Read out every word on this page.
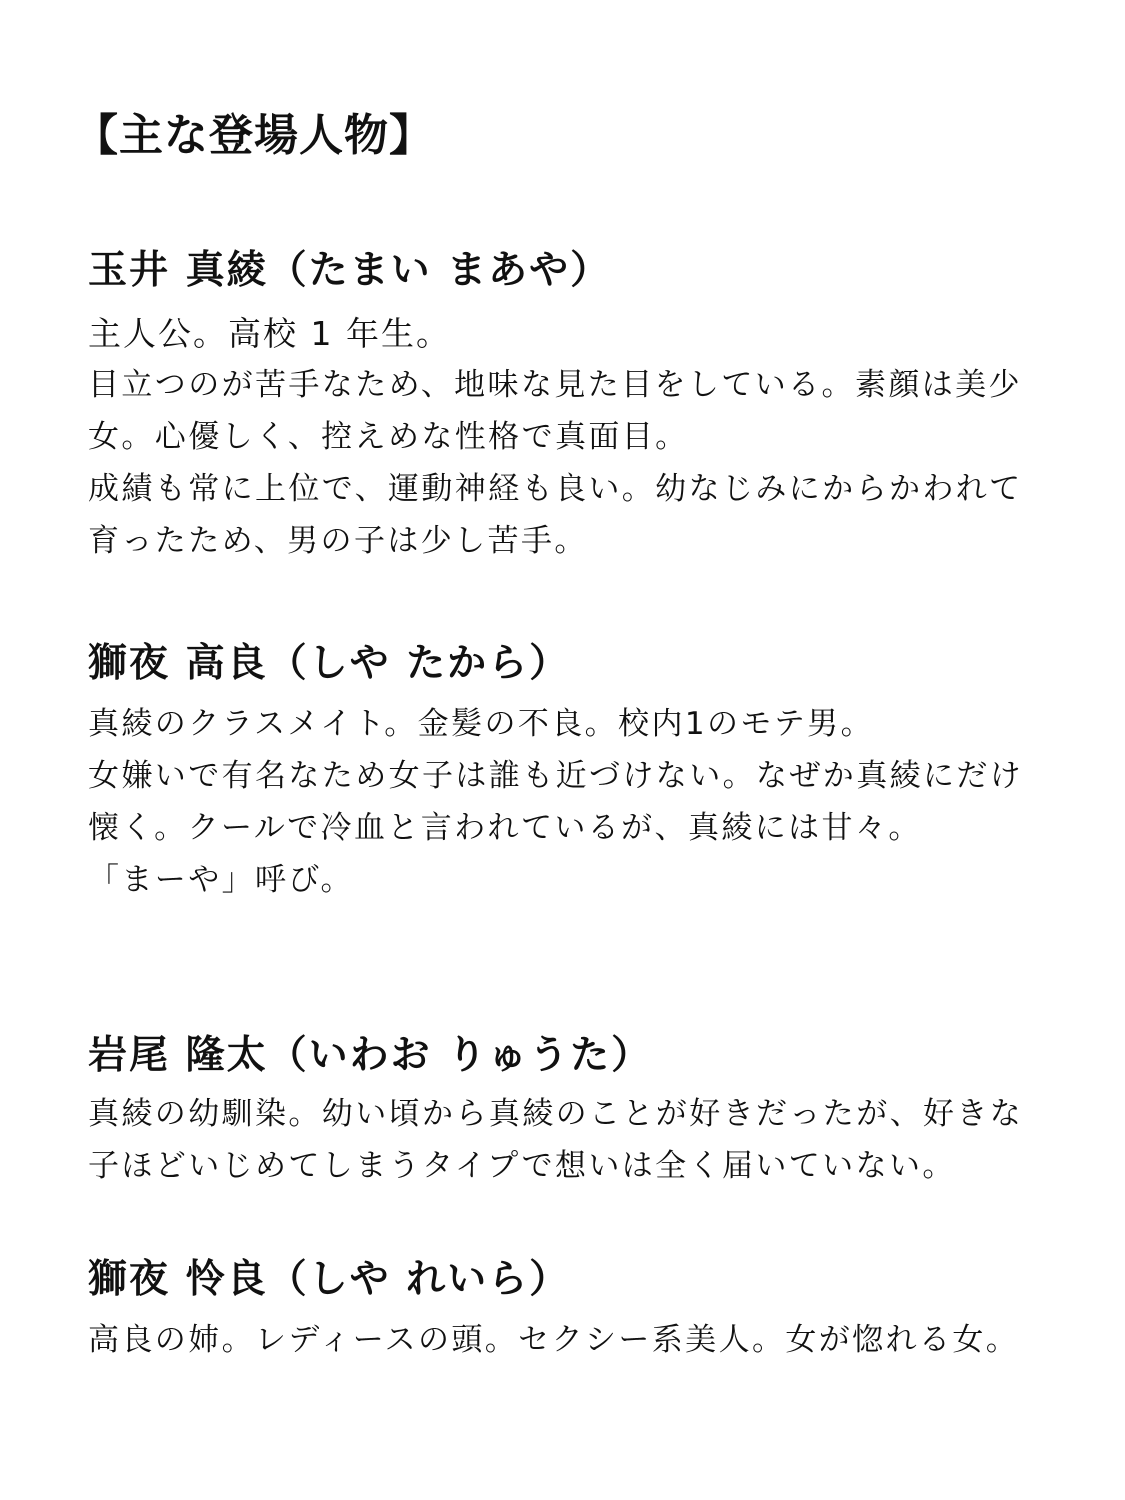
【主な登場人物】
玉井 真綾（たまい まあや）
主人公。高校 1 年生。
目立つのが苦手なため、地味な見た目をしている。素顔は美少
女。心優しく、控えめな性格で真面目。
成績も常に上位で、運動神経も良い。幼なじみにからかわれて
育ったため、男の子は少し苦手。
獅夜 高良（しや たから）
真綾のクラスメイト。金髪の不良。校内1のモテ男。
女嫌いで有名なため女子は誰も近づけない。なぜか真綾にだけ
懐く。クールで冷血と言われているが、真綾には甘々。
「まーや」呼び。
岩尾 隆太（いわお りゅうた）
真綾の幼馴染。幼い頃から真綾のことが好きだったが、好きな
子ほどいじめてしまうタイプで想いは全く届いていない。
獅夜 怜良（しや れいら）
高良の姉。レディースの頭。セクシー系美人。女が惚れる女。
